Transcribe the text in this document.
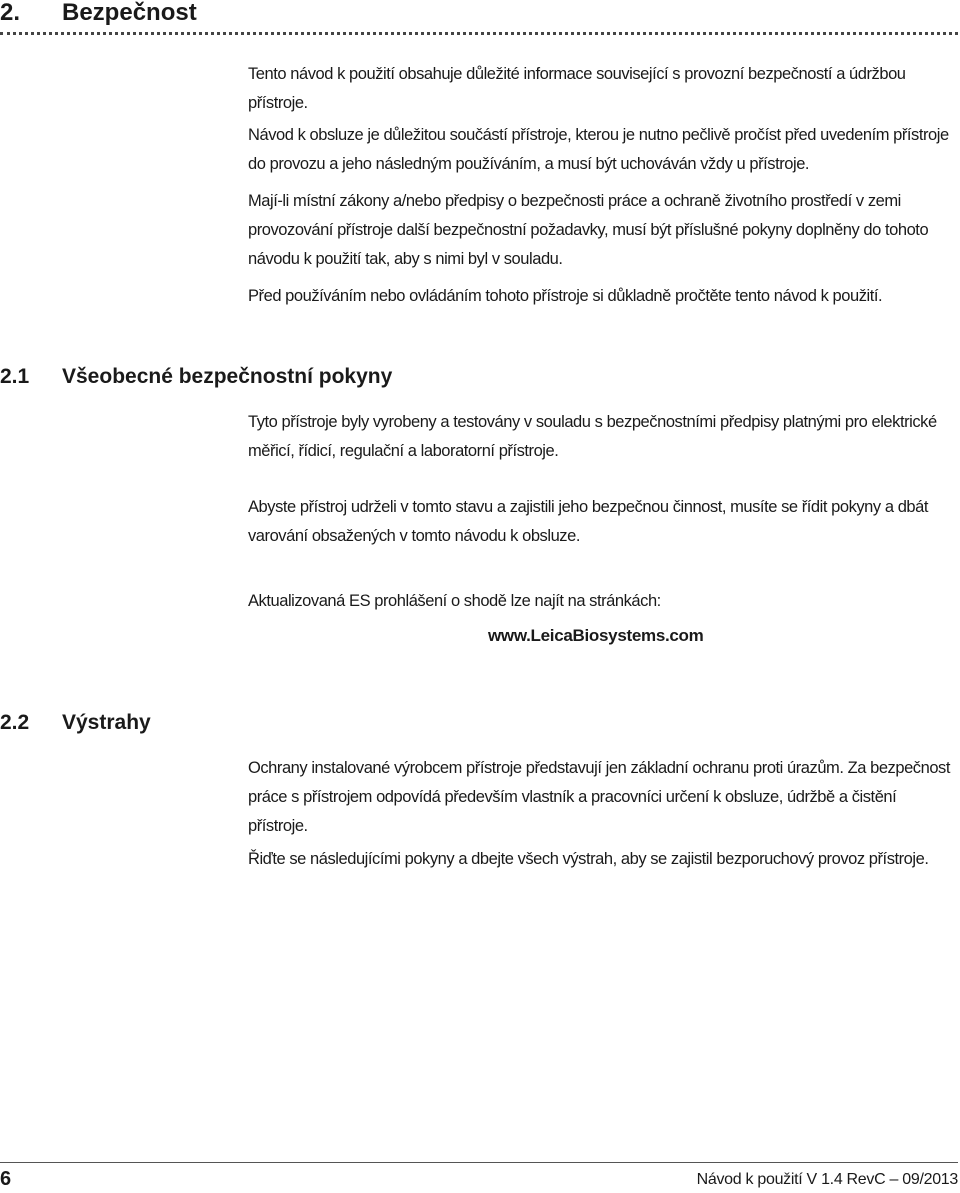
2. Bezpečnost

Tento návod k použití obsahuje důležité informace související s provozní bezpečností a údržbou přístroje.

Návod k obsluze je důležitou součástí přístroje, kterou je nutno pečlivě pročíst před uvedením přístroje do provozu a jeho následným používáním, a musí být uchováván vždy u přístroje.

Mají-li místní zákony a/nebo předpisy o bezpečnosti práce a ochraně životního prostředí v zemi provozování přístroje další bezpečnostní požadavky, musí být příslušné pokyny doplněny do tohoto návodu k použití tak, aby s nimi byl v souladu.

Před používáním nebo ovládáním tohoto přístroje si důkladně pročtěte tento návod k použití.

2.1 Všeobecné bezpečnostní pokyny

Tyto přístroje byly vyrobeny a testovány v souladu s bezpečnostními předpisy platnými pro elektrické měřicí, řídicí, regulační a laboratorní přístroje.

Abyste přístroj udrželi v tomto stavu a zajistili jeho bezpečnou činnost, musíte se řídit pokyny a dbát varování obsažených v tomto návodu k obsluze.

Aktualizovaná ES prohlášení o shodě lze najít na stránkách:

www.LeicaBiosystems.com
2.2 Výstrahy

Ochrany instalované výrobcem přístroje představují jen základní ochranu proti úrazům. Za bezpečnost práce s přístrojem odpovídá především vlastník a pracovníci určení k obsluze, údržbě a čistění přístroje.

Řiďte se následujícími pokyny a dbejte všech výstrah, aby se zajistil bezporuchový provoz přístroje.

6	Návod k použití V 1.4 RevC – 09/2013
